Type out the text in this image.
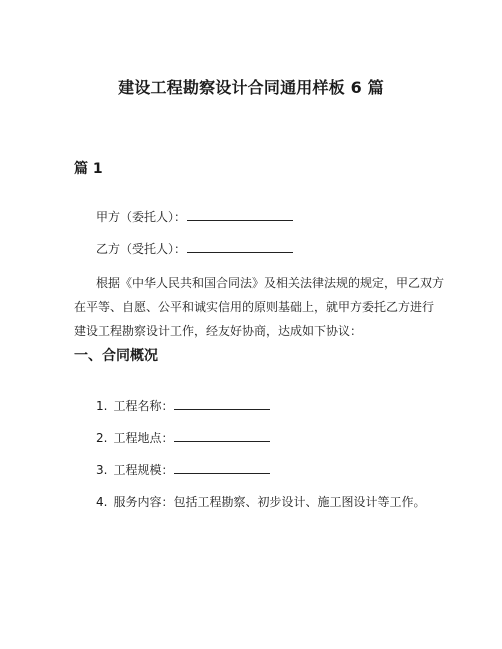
建设工程勘察设计合同通用样板 6 篇
篇 1
甲方（委托人）：
乙方（受托人）：
根据《中华人民共和国合同法》及相关法律法规的规定，甲乙双方
在平等、自愿、公平和诚实信用的原则基础上，就甲方委托乙方进行
建设工程勘察设计工作，经友好协商，达成如下协议：
一、合同概况
1. 工程名称：
2. 工程地点：
3. 工程规模：
4. 服务内容：包括工程勘察、初步设计、施工图设计等工作。
